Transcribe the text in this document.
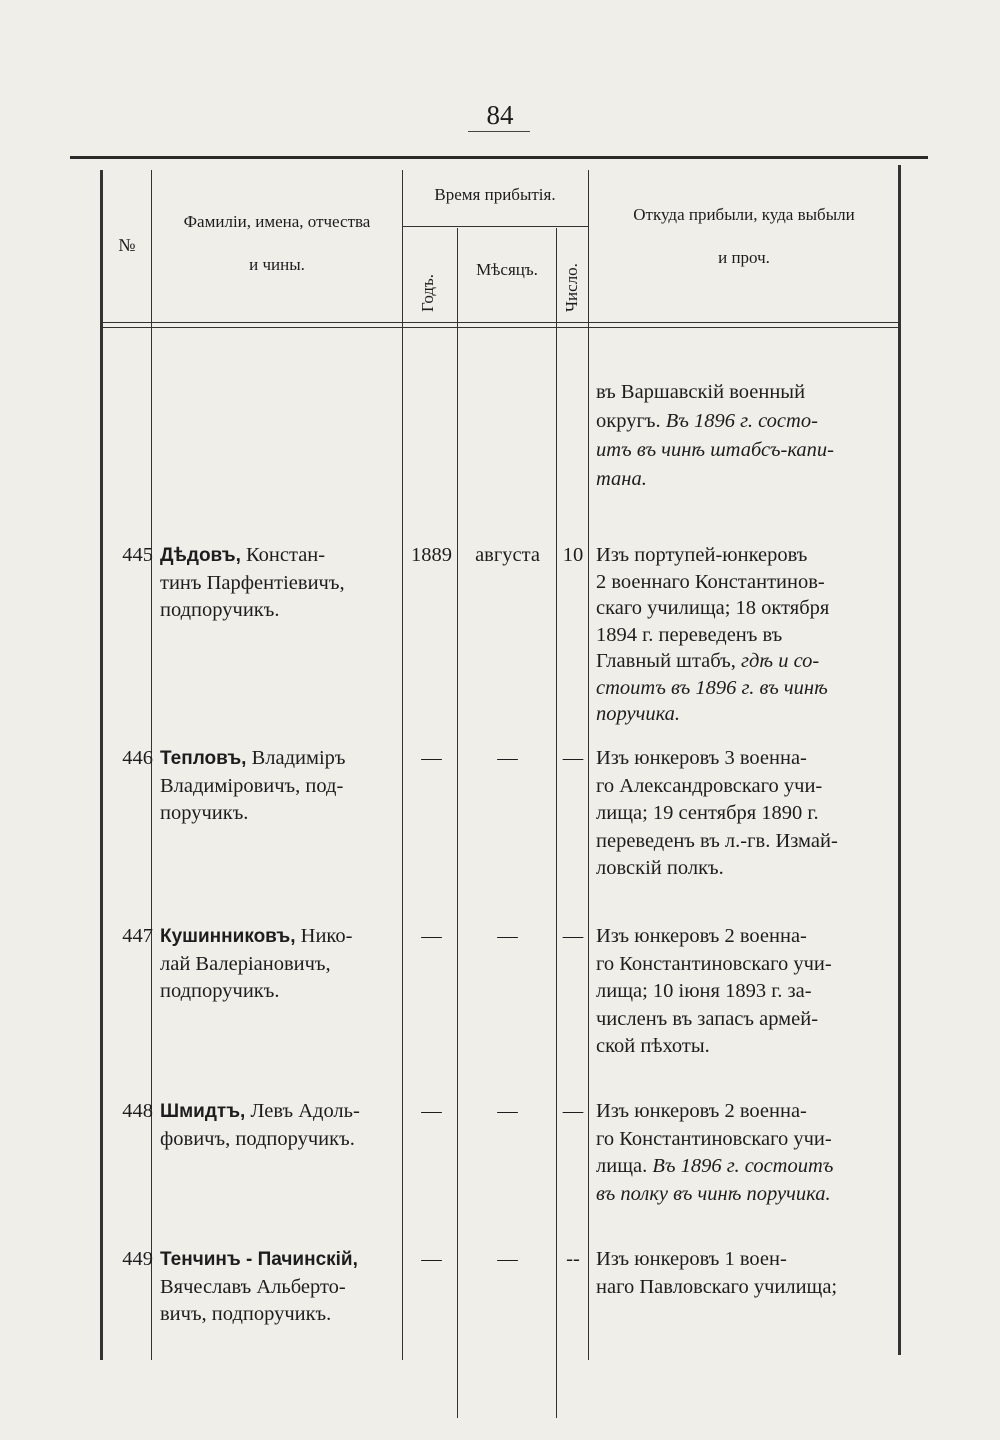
84
№
Фамиліи, имена, отчества
и чины.
Время прибытія.
Годъ.
Мѣсяцъ.	Число.
Откуда прибыли, куда выбыли
и проч.
въ Варшавскій военный
округъ. Въ 1896 г. состо-
итъ въ чинѣ штабсъ-капи-
тана.
445 Дѣдовъ, Констан-
тинъ Парфентіевичъ,
подпоручикъ.
1889	августа	10 Изъ портупей-юнкеровъ
2 военнаго Константинов-
скаго училища; 18 октября
1894 г. переведенъ въ
Главный штабъ, гдѣ и со-
стоитъ въ 1896 г. въ чинѣ
поручика.
446 Тепловъ, Владиміръ
Владиміровичъ, под-
поручикъ.
—	—	— Изъ юнкеровъ 3 военна-
го Александровскаго учи-
лища; 19 сентября 1890 г.
переведенъ въ л.-гв. Измай-
ловскій полкъ.
447 Кушинниковъ, Нико-
лай Валеріановичъ,
подпоручикъ.
—	—	— Изъ юнкеровъ 2 военна-
го Константиновскаго учи-
лища; 10 іюня 1893 г. за-
численъ въ запасъ армей-
ской пѣхоты.
448 Шмидтъ, Левъ Адоль-
фовичъ, подпоручикъ.
—	—	— Изъ юнкеровъ 2 военна-
го Константиновскаго учи-
лища. Въ 1896 г. состоитъ
въ полку въ чинѣ поручика.
449 Тенчинъ - Пачинскій,
Вячеславъ Альберто-
вичъ, подпоручикъ.
—	—	-- Изъ юнкеровъ 1 воен-
наго Павловскаго училища;
